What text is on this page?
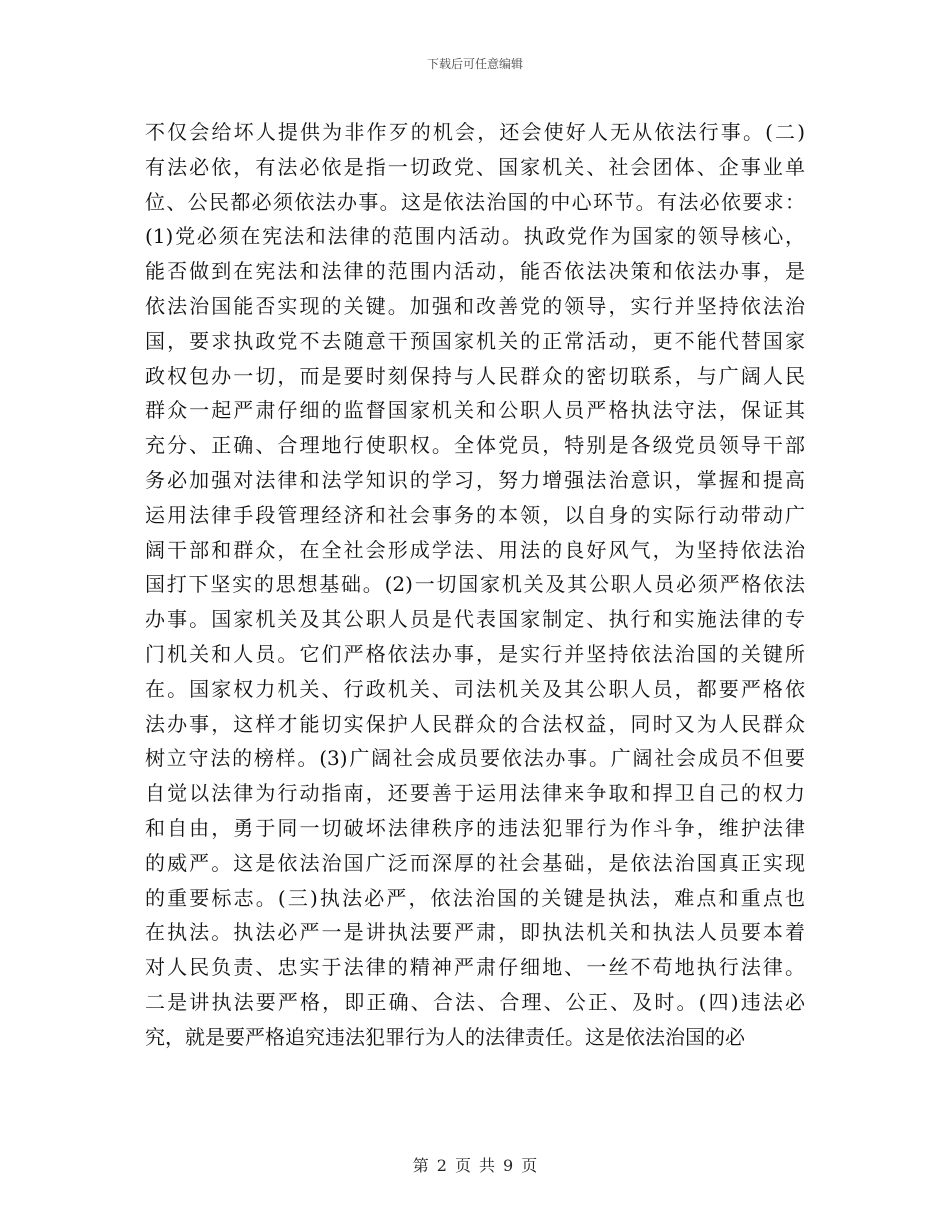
下载后可任意编辑
不仅会给坏人提供为非作歹的机会，还会使好人无从依法行事。(二)
有法必依，有法必依是指一切政党、国家机关、社会团体、企事业单
位、公民都必须依法办事。这是依法治国的中心环节。有法必依要求：
(1)党必须在宪法和法律的范围内活动。执政党作为国家的领导核心，
能否做到在宪法和法律的范围内活动，能否依法决策和依法办事，是
依法治国能否实现的关键。加强和改善党的领导，实行并坚持依法治
国，要求执政党不去随意干预国家机关的正常活动，更不能代替国家
政权包办一切，而是要时刻保持与人民群众的密切联系，与广阔人民
群众一起严肃仔细的监督国家机关和公职人员严格执法守法，保证其
充分、正确、合理地行使职权。全体党员，特别是各级党员领导干部
务必加强对法律和法学知识的学习，努力增强法治意识，掌握和提高
运用法律手段管理经济和社会事务的本领，以自身的实际行动带动广
阔干部和群众，在全社会形成学法、用法的良好风气，为坚持依法治
国打下坚实的思想基础。(2)一切国家机关及其公职人员必须严格依法
办事。国家机关及其公职人员是代表国家制定、执行和实施法律的专
门机关和人员。它们严格依法办事，是实行并坚持依法治国的关键所
在。国家权力机关、行政机关、司法机关及其公职人员，都要严格依
法办事，这样才能切实保护人民群众的合法权益，同时又为人民群众
树立守法的榜样。(3)广阔社会成员要依法办事。广阔社会成员不但要
自觉以法律为行动指南，还要善于运用法律来争取和捍卫自己的权力
和自由，勇于同一切破坏法律秩序的违法犯罪行为作斗争，维护法律
的威严。这是依法治国广泛而深厚的社会基础，是依法治国真正实现
的重要标志。(三)执法必严，依法治国的关键是执法，难点和重点也
在执法。执法必严一是讲执法要严肃，即执法机关和执法人员要本着
对人民负责、忠实于法律的精神严肃仔细地、一丝不苟地执行法律。
二是讲执法要严格，即正确、合法、合理、公正、及时。(四)违法必
究，就是要严格追究违法犯罪行为人的法律责任。这是依法治国的必
第 2 页 共 9 页
